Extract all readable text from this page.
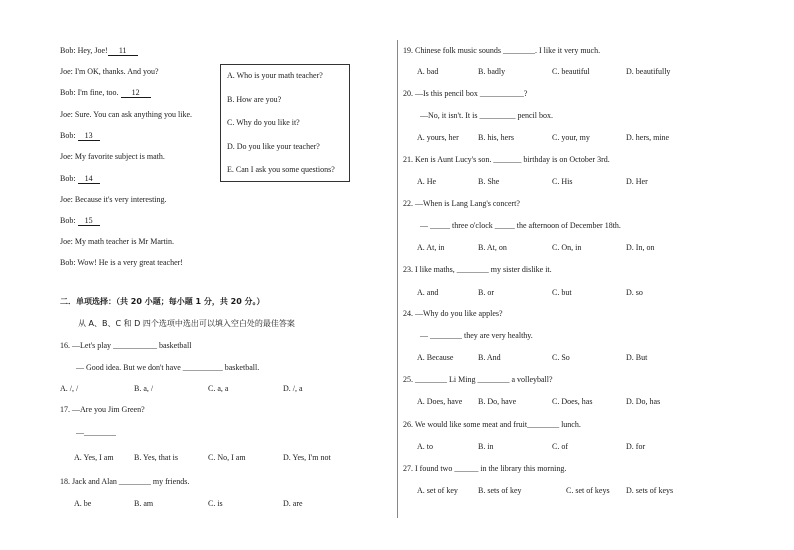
Bob: Hey, Joe! 11
Joe: I'm OK, thanks. And you?
Bob: I'm fine, too. 12
Joe: Sure. You can ask anything you like.
Bob: 13
Joe: My favorite subject is math.
Bob: 14
Joe: Because it's very interesting.
Bob: 15
Joe: My math teacher is Mr Martin.
Bob: Wow! He is a very great teacher!
A. Who is your math teacher?
B. How are you?
C. Why do you like it?
D. Do you like your teacher?
E. Can I ask you some questions?
二．单项选择：（共 20 小题；每小题 1 分，共 20 分。）
从 A、B、C 和 D 四个选项中选出可以填入空白处的最佳答案
16. —Let's play ___________ basketball
— Good idea. But we don't have __________ basketball.
A. /, /	B. a, /	C. a, a	D. /, a
17. —Are you Jim Green?
—________
A. Yes, I am	B. Yes, that is	C. No, I am	D. Yes, I'm not
18. Jack and Alan ________ my friends.
A. be	B. am	C. is	D. are
19. Chinese folk music sounds ________. I like it very much.
A. bad	B. badly	C. beautiful	D. beautifully
20. —Is this pencil box ___________?
—No, it isn't. It is _________ pencil box.
A. yours, her B. his, hers	C. your, my	D. hers, mine
21. Ken is Aunt Lucy's son. _______ birthday is on October 3rd.
A. He	B. She	C. His	D. Her
22. —When is Lang Lang's concert?
— _____ three o'clock _____ the afternoon of December 18th.
A. At, in	B. At, on	C. On, in	D. In, on
23. I like maths, ________ my sister dislike it.
A. and	B. or	C. but	D. so
24. —Why do you like apples?
— ________ they are very healthy.
A. Because	B. And	C. So	D. But
25. ________ Li Ming ________ a volleyball?
A. Does, have B. Do, have	C. Does, has	D. Do, has
26. We would like some meat and fruit________ lunch.
A. to	B. in	C. of	D. for
27. I found two ______ in the library this morning.
A. set of key	B. sets of key	C. set of keys D. sets of keys
